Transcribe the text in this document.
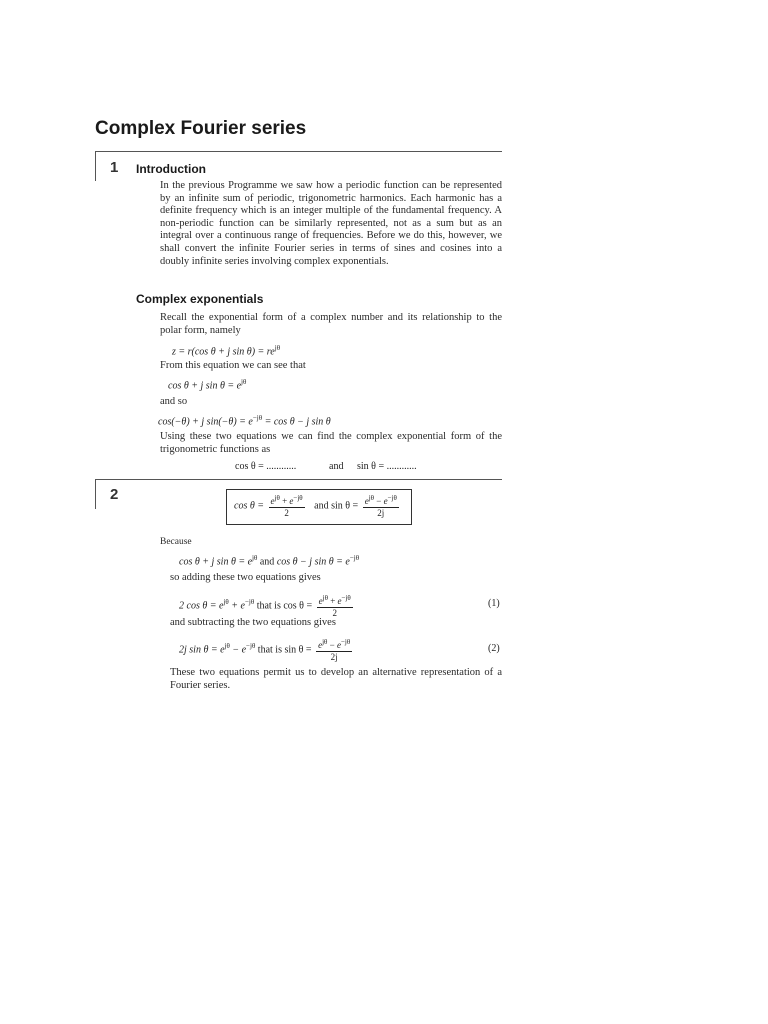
Complex Fourier series
1 Introduction

In the previous Programme we saw how a periodic function can be represented by an infinite sum of periodic, trigonometric harmonics. Each harmonic has a definite frequency which is an integer multiple of the fundamental frequency. A non-periodic function can be similarly represented, not as a sum but as an integral over a continuous range of frequencies. Before we do this, however, we shall convert the infinite Fourier series in terms of sines and cosines into a doubly infinite series involving complex exponentials.

Complex exponentials

Recall the exponential form of a complex number and its relationship to the polar form, namely

z = r(cos θ + j $\sin \theta) = re^{j\theta}$

From this equation we can see that

cos θ + j $\sin \theta = e^{j\theta}$

and so

cos(−θ) + j $\sin(-\theta) = e^{-j\theta} = \cos \theta - j$ sin θ

Using these two equations we can find the complex exponential form of the trigonometric functions as

cos θ = ............	and sin θ = ............
2
$\cos \theta = \frac{e^{j\theta} + e^{-j\theta}}{2}$ and $\sin \theta = \frac{e^{j\theta} - e^{-j\theta}}{2j}$

Because

cos θ + j $\sin \theta = e^{j\theta}$ and cos θ − j $\sin \theta = e^{-j\theta}$

so adding these two equations gives

2 $\cos \theta = e^{j\theta} + e^{-j\theta}$ that is $\cos \theta = \frac{e^{j\theta} + e^{-j\theta}}{2}$	(1)

and subtracting the two equations gives

2j $\sin \theta = e^{j\theta} - e^{-j\theta}$ that is $\sin \theta = \frac{e^{j\theta} - e^{-j\theta}}{2j}$	(2)

These two equations permit us to develop an alternative representation of a Fourier series.
